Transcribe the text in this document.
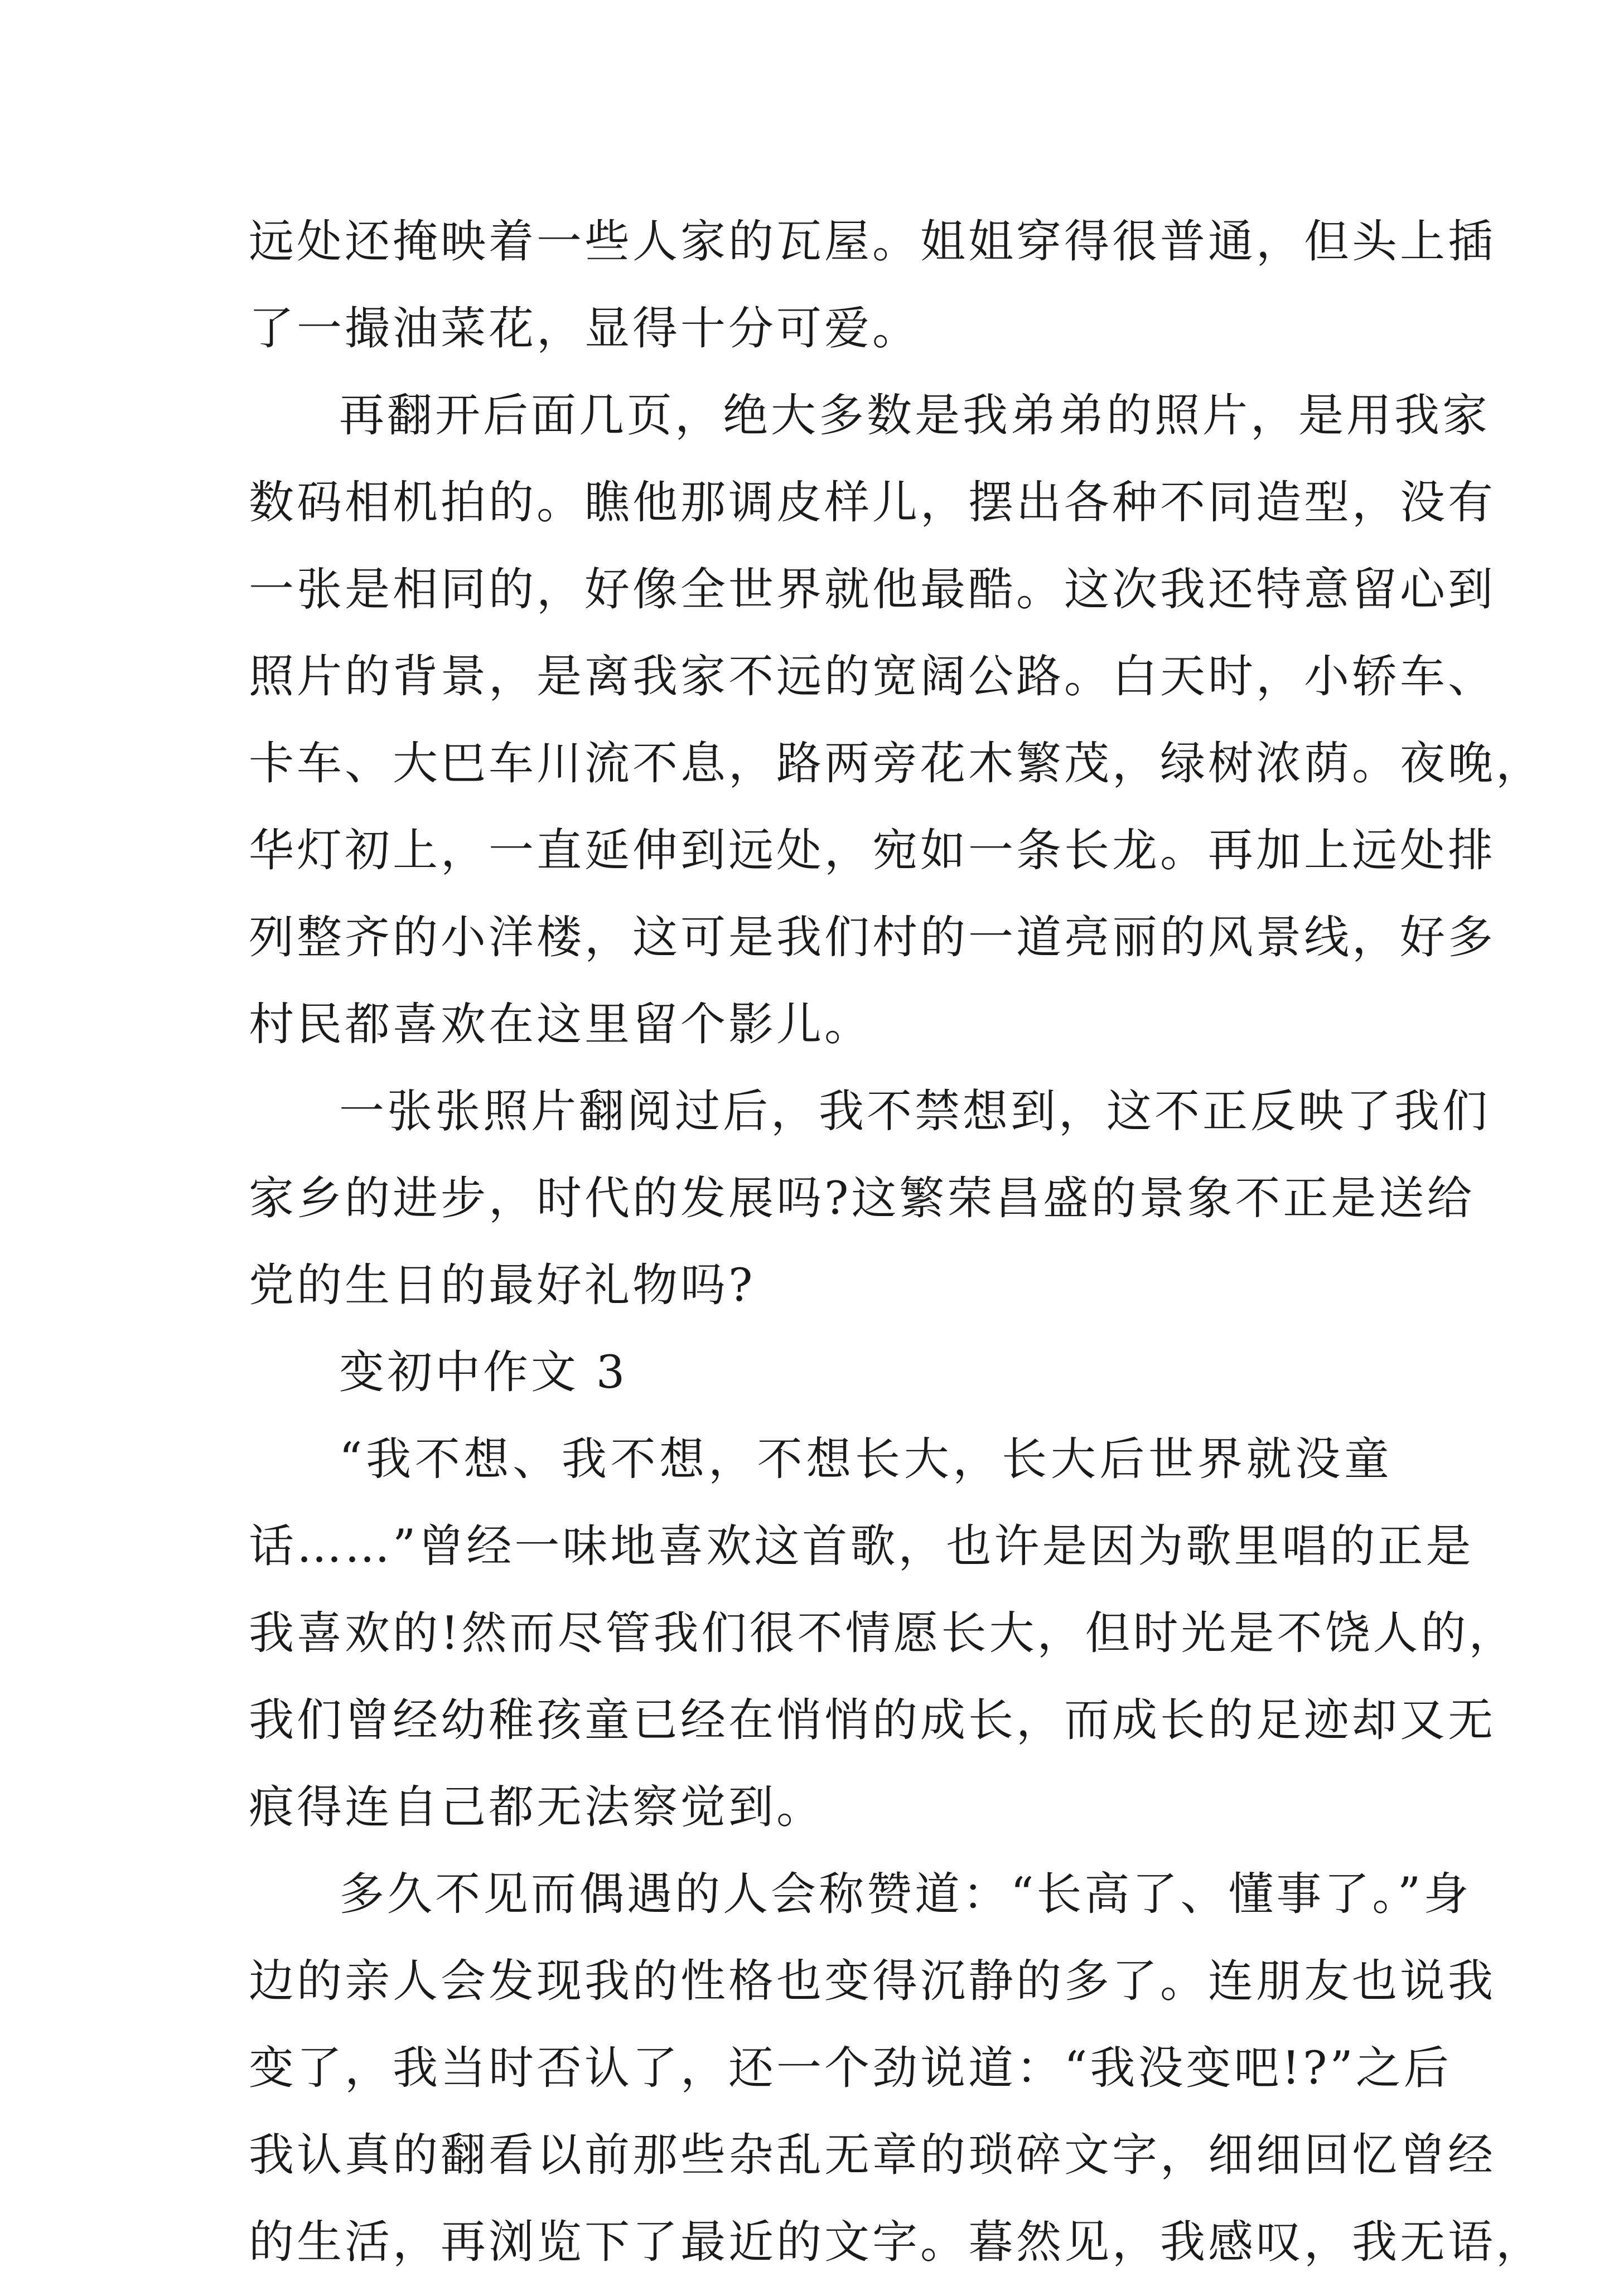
远处还掩映着一些人家的瓦屋。姐姐穿得很普通，但头上插
了一撮油菜花，显得十分可爱。
再翻开后面几页，绝大多数是我弟弟的照片，是用我家
数码相机拍的。瞧他那调皮样儿，摆出各种不同造型，没有
一张是相同的，好像全世界就他最酷。这次我还特意留心到
照片的背景，是离我家不远的宽阔公路。白天时，小轿车、
卡车、大巴车川流不息，路两旁花木繁茂，绿树浓荫。夜晚，
华灯初上，一直延伸到远处，宛如一条长龙。再加上远处排
列整齐的小洋楼，这可是我们村的一道亮丽的风景线，好多
村民都喜欢在这里留个影儿。
一张张照片翻阅过后，我不禁想到，这不正反映了我们
家乡的进步，时代的发展吗?这繁荣昌盛的景象不正是送给
党的生日的最好礼物吗?
变初中作文 3
“我不想、我不想，不想长大，长大后世界就没童
话……”曾经一味地喜欢这首歌，也许是因为歌里唱的正是
我喜欢的!然而尽管我们很不情愿长大，但时光是不饶人的，
我们曾经幼稚孩童已经在悄悄的成长，而成长的足迹却又无
痕得连自己都无法察觉到。
多久不见而偶遇的人会称赞道：“长高了、懂事了。”身
边的亲人会发现我的性格也变得沉静的多了。连朋友也说我
变了，我当时否认了，还一个劲说道：“我没变吧!?”之后
我认真的翻看以前那些杂乱无章的琐碎文字，细细回忆曾经
的生活，再浏览下了最近的文字。暮然见，我感叹，我无语，
